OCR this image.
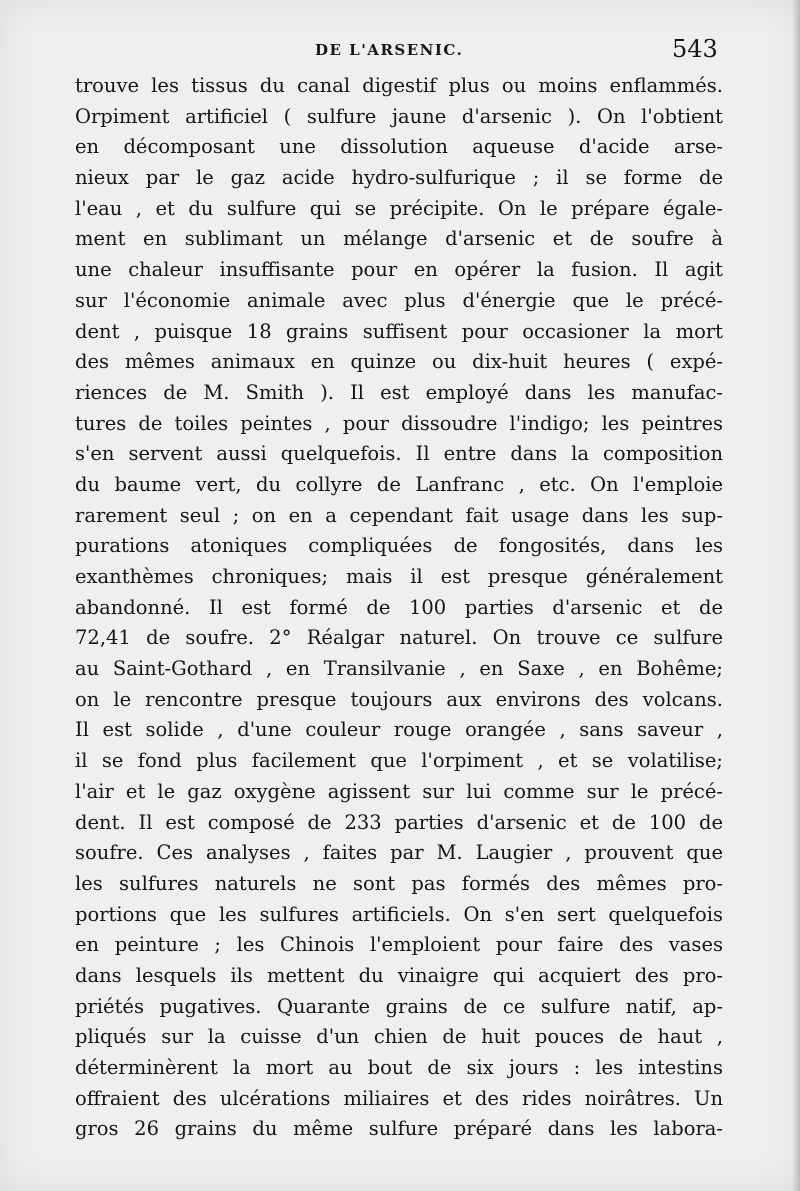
DE L'ARSENIC.	543
trouve les tissus du canal digestif plus ou moins enflammés.
Orpiment artificiel ( sulfure jaune d'arsenic ). On l'obtient
en décomposant une dissolution aqueuse d'acide arse-
nieux par le gaz acide hydro-sulfurique ; il se forme de
l'eau , et du sulfure qui se précipite. On le prépare égale-
ment en sublimant un mélange d'arsenic et de soufre à
une chaleur insuffisante pour en opérer la fusion. Il agit
sur l'économie animale avec plus d'énergie que le précé-
dent , puisque 18 grains suffisent pour occasioner la mort
des mêmes animaux en quinze ou dix-huit heures ( expé-
riences de M. Smith ). Il est employé dans les manufac-
tures de toiles peintes , pour dissoudre l'indigo; les peintres
s'en servent aussi quelquefois. Il entre dans la composition
du baume vert, du collyre de Lanfranc , etc. On l'emploie
rarement seul ; on en a cependant fait usage dans les sup-
purations atoniques compliquées de fongosités, dans les
exanthèmes chroniques; mais il est presque généralement
abandonné. Il est formé de 100 parties d'arsenic et de
72,41 de soufre. 2° Réalgar naturel. On trouve ce sulfure
au Saint-Gothard , en Transilvanie , en Saxe , en Bohême;
on le rencontre presque toujours aux environs des volcans.
Il est solide , d'une couleur rouge orangée , sans saveur ,
il se fond plus facilement que l'orpiment , et se volatilise;
l'air et le gaz oxygène agissent sur lui comme sur le précé-
dent. Il est composé de 233 parties d'arsenic et de 100 de
soufre. Ces analyses , faites par M. Laugier , prouvent que
les sulfures naturels ne sont pas formés des mêmes pro-
portions que les sulfures artificiels. On s'en sert quelquefois
en peinture ; les Chinois l'emploient pour faire des vases
dans lesquels ils mettent du vinaigre qui acquiert des pro-
priétés pugatives. Quarante grains de ce sulfure natif, ap-
pliqués sur la cuisse d'un chien de huit pouces de haut ,
déterminèrent la mort au bout de six jours : les intestins
offraient des ulcérations miliaires et des rides noirâtres. Un
gros 26 grains du même sulfure préparé dans les labora-
